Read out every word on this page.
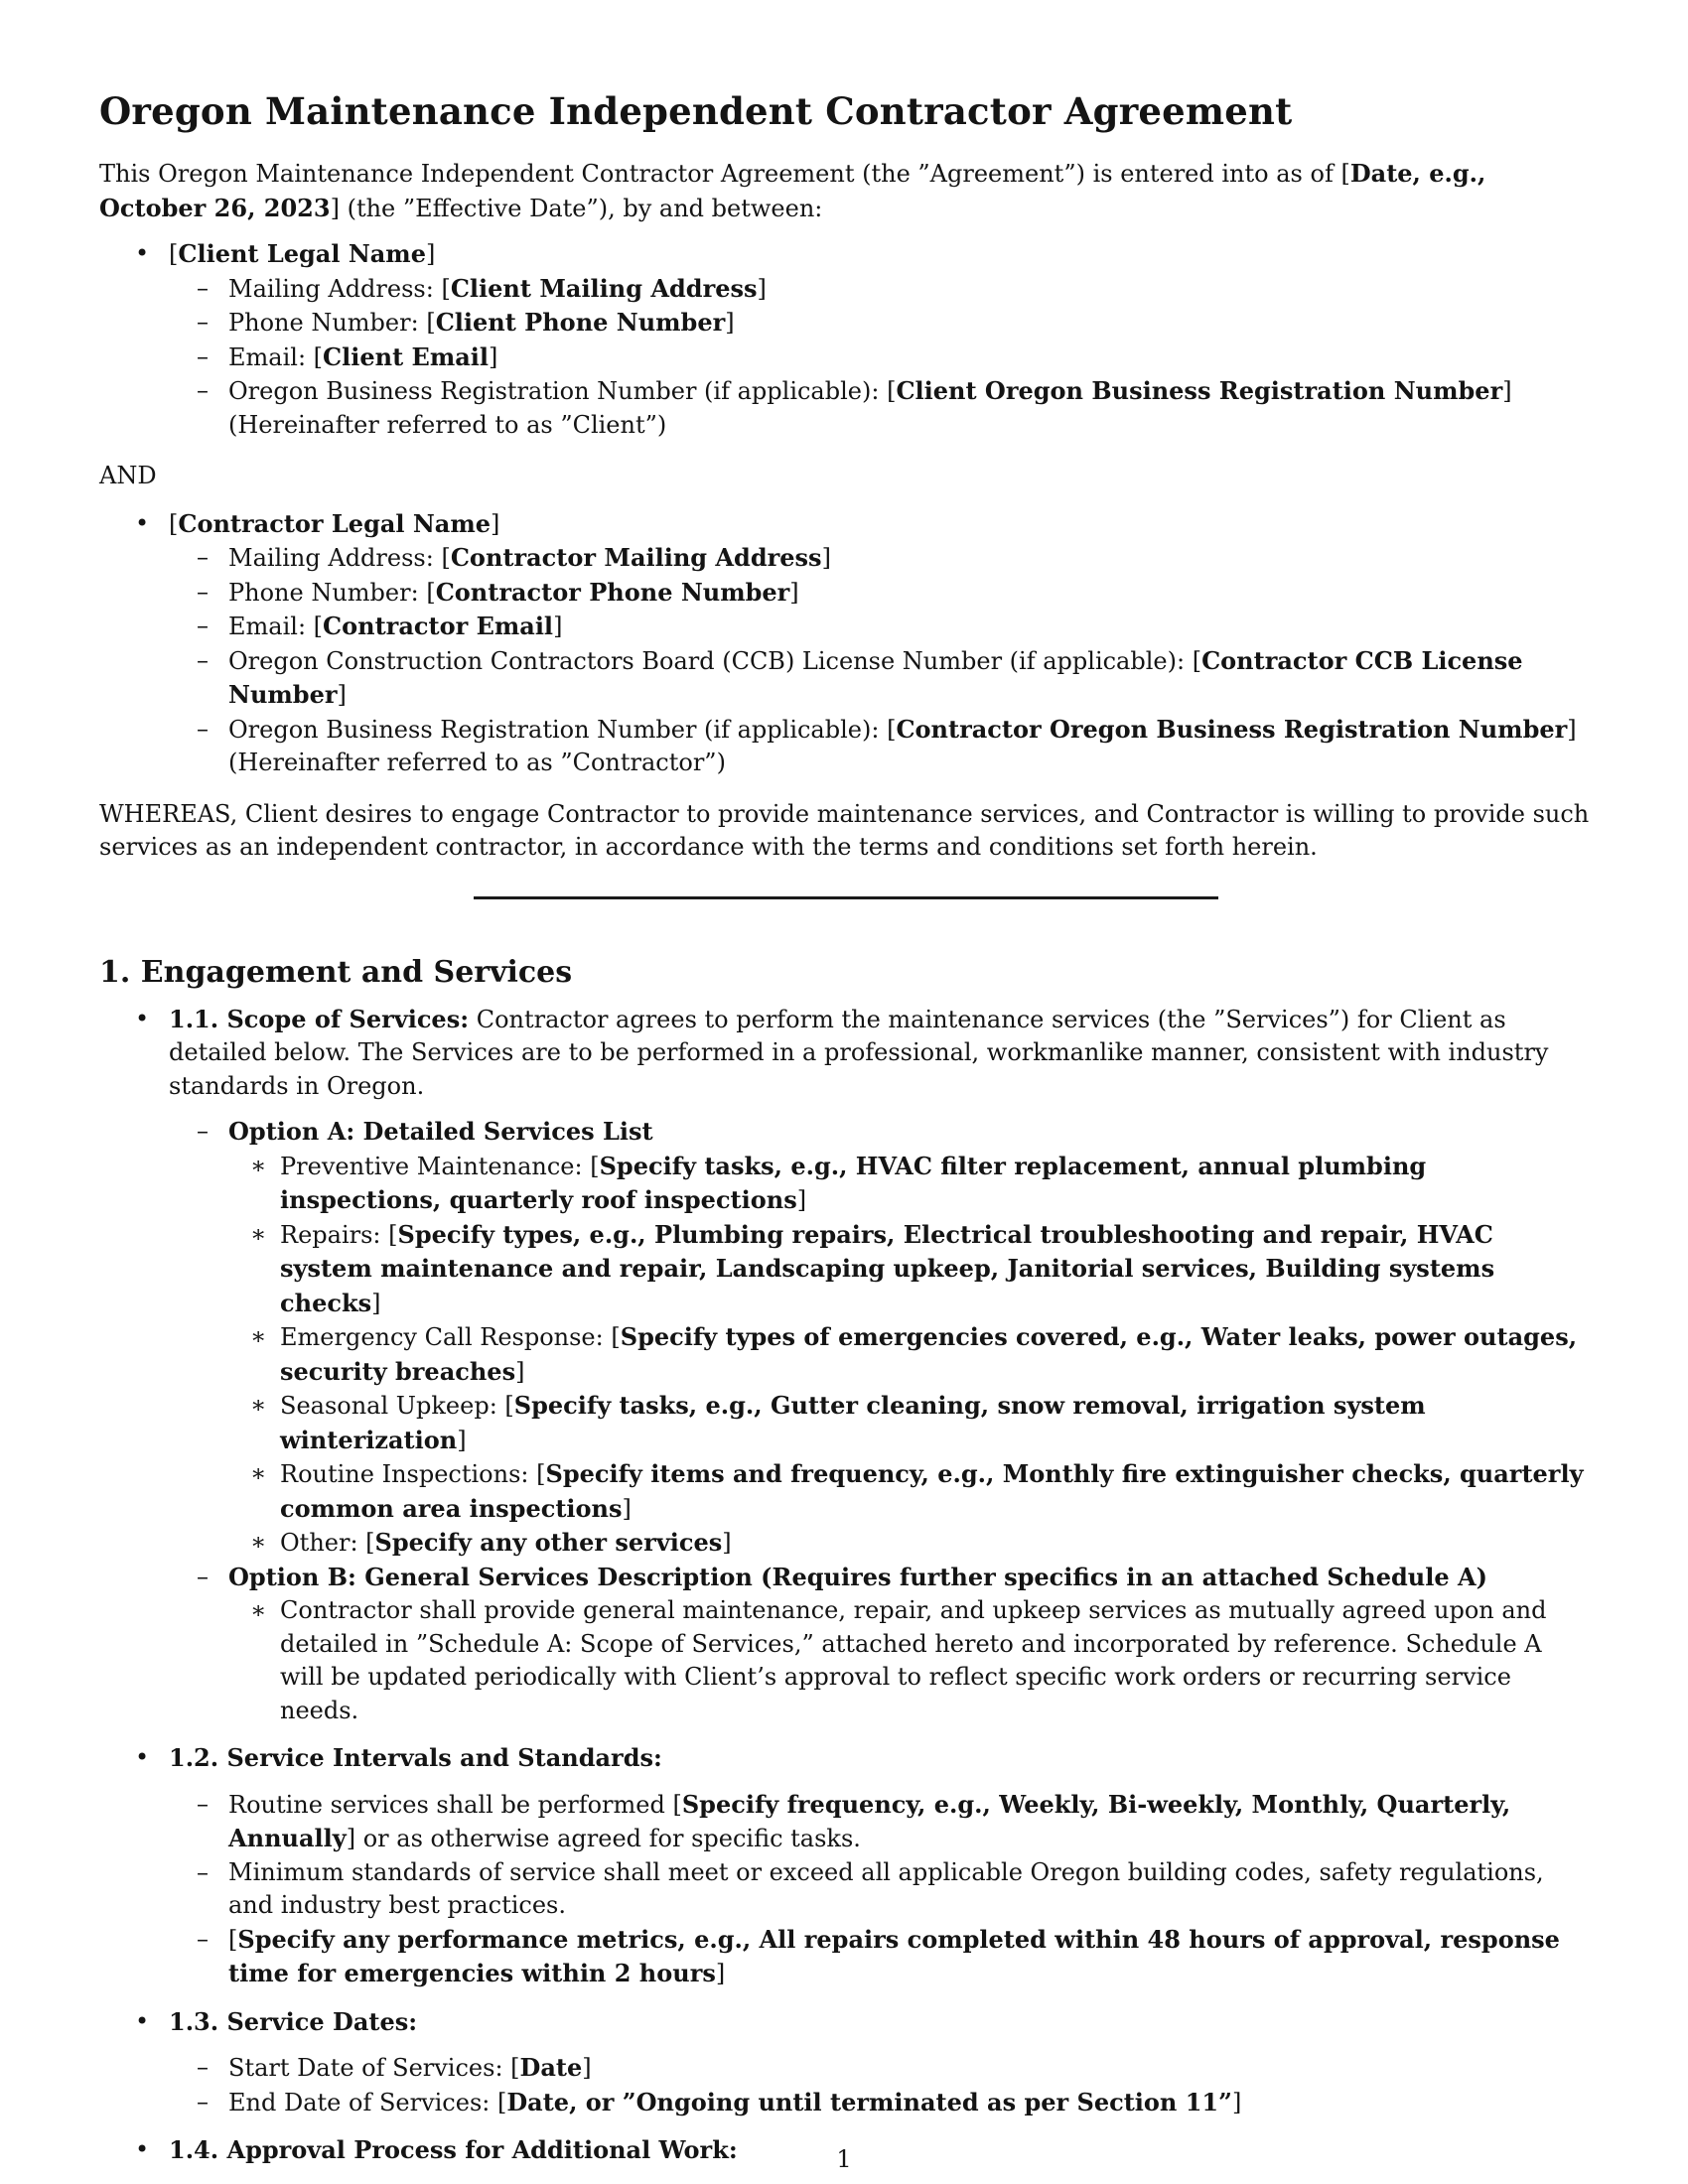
Oregon Maintenance Independent Contractor Agreement

This Oregon Maintenance Independent Contractor Agreement (the ”Agreement”) is entered into as of [Date, e.g., October 26, 2023] (the ”Effective Date”), by and between:

• [Client Legal Name]
– Mailing Address: [Client Mailing Address]
– Phone Number: [Client Phone Number]
– Email: [Client Email]
– Oregon Business Registration Number (if applicable): [Client Oregon Business Registration Number] (Hereinafter referred to as ”Client”)

AND

• [Contractor Legal Name]
– Mailing Address: [Contractor Mailing Address]
– Phone Number: [Contractor Phone Number]
– Email: [Contractor Email]
– Oregon Construction Contractors Board (CCB) License Number (if applicable): [Contractor CCB License Number]
– Oregon Business Registration Number (if applicable): [Contractor Oregon Business Registration Number] (Hereinafter referred to as ”Contractor”)

WHEREAS, Client desires to engage Contractor to provide maintenance services, and Contractor is willing to provide such services as an independent contractor, in accordance with the terms and conditions set forth herein.

1. Engagement and Services
• 1.1. Scope of Services: Contractor agrees to perform the maintenance services (the ”Services”) for Client as detailed below. The Services are to be performed in a professional, workmanlike manner, consistent with industry standards in Oregon.
– Option A: Detailed Services List
∗ Preventive Maintenance: [Specify tasks, e.g., HVAC filter replacement, annual plumbing inspections, quarterly roof inspections]
∗ Repairs: [Specify types, e.g., Plumbing repairs, Electrical troubleshooting and repair, HVAC system maintenance and repair, Landscaping upkeep, Janitorial services, Building systems checks]
∗ Emergency Call Response: [Specify types of emergencies covered, e.g., Water leaks, power outages, security breaches]
∗ Seasonal Upkeep: [Specify tasks, e.g., Gutter cleaning, snow removal, irrigation system winterization]
∗ Routine Inspections: [Specify items and frequency, e.g., Monthly fire extinguisher checks, quarterly common area inspections]
∗ Other: [Specify any other services]
– Option B: General Services Description (Requires further specifics in an attached Schedule A)
∗ Contractor shall provide general maintenance, repair, and upkeep services as mutually agreed upon and detailed in ”Schedule A: Scope of Services,” attached hereto and incorporated by reference. Schedule A will be updated periodically with Client’s approval to reflect specific work orders or recurring service needs.
• 1.2. Service Intervals and Standards:
– Routine services shall be performed [Specify frequency, e.g., Weekly, Bi-weekly, Monthly, Quarterly, Annually] or as otherwise agreed for specific tasks.
– Minimum standards of service shall meet or exceed all applicable Oregon building codes, safety regulations, and industry best practices.
– [Specify any performance metrics, e.g., All repairs completed within 48 hours of approval, response time for emergencies within 2 hours]
• 1.3. Service Dates:
– Start Date of Services: [Date]
– End Date of Services: [Date, or ”Ongoing until terminated as per Section 11”]
• 1.4. Approval Process for Additional Work:	1
